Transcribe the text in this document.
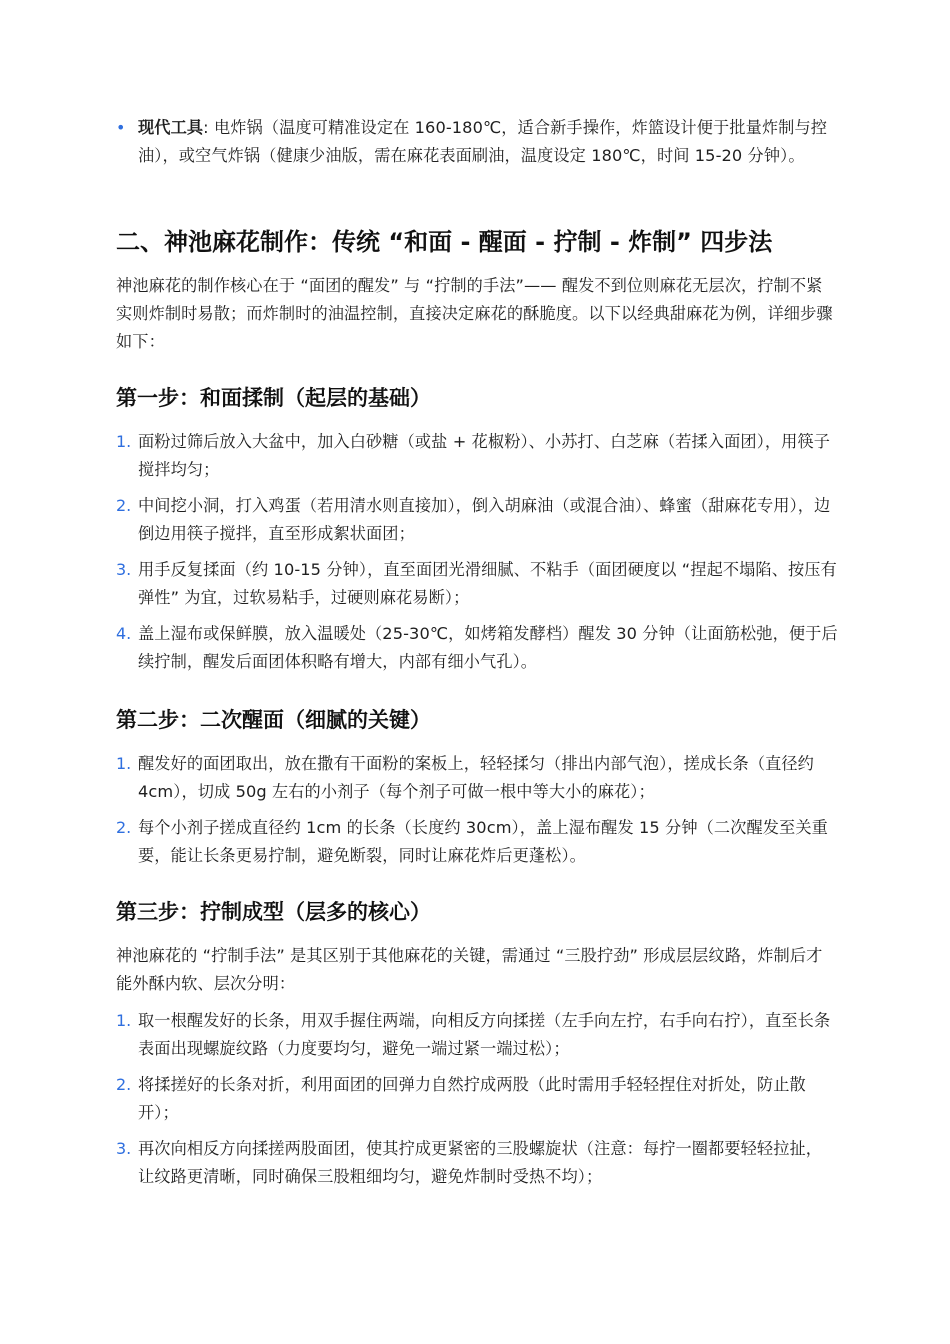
• 现代工具: 电炸锅（温度可精准设定在 160-180℃，适合新手操作，炸篮设计便于批量炸制与控油），或空气炸锅（健康少油版，需在麻花表面刷油，温度设定 180℃，时间 15-20 分钟）。

二、神池麻花制作：传统 “和面 - 醒面 - 拧制 - 炸制” 四步法

神池麻花的制作核心在于 “面团的醒发” 与 “拧制的手法”—— 醒发不到位则麻花无层次，拧制不紧实则炸制时易散；而炸制时的油温控制，直接决定麻花的酥脆度。以下以经典甜麻花为例，详细步骤如下：

第一步：和面揉制（起层的基础）
1. 面粉过筛后放入大盆中，加入白砂糖（或盐 + 花椒粉）、小苏打、白芝麻（若揉入面团），用筷子搅拌均匀；

2. 中间挖小洞，打入鸡蛋（若用清水则直接加），倒入胡麻油（或混合油）、蜂蜜（甜麻花专用），边倒边用筷子搅拌，直至形成絮状面团；

3. 用手反复揉面（约 10-15 分钟），直至面团光滑细腻、不粘手（面团硬度以 “捏起不塌陷、按压有弹性” 为宜，过软易粘手，过硬则麻花易断）；

4. 盖上湿布或保鲜膜，放入温暖处（25-30℃，如烤箱发酵档）醒发 30 分钟（让面筋松弛，便于后续拧制，醒发后面团体积略有增大，内部有细小气孔）。

第二步：二次醒面（细腻的关键）
1. 醒发好的面团取出，放在撒有干面粉的案板上，轻轻揉匀（排出内部气泡），搓成长条（直径约 4cm），切成 50g 左右的小剂子（每个剂子可做一根中等大小的麻花）；

2. 每个小剂子搓成直径约 1cm 的长条（长度约 30cm），盖上湿布醒发 15 分钟（二次醒发至关重要，能让长条更易拧制，避免断裂，同时让麻花炸后更蓬松）。

第三步：拧制成型（层多的核心）

神池麻花的 “拧制手法” 是其区别于其他麻花的关键，需通过 “三股拧劲” 形成层层纹路，炸制后才能外酥内软、层次分明：

1. 取一根醒发好的长条，用双手握住两端，向相反方向揉搓（左手向左拧，右手向右拧），直至长条表面出现螺旋纹路（力度要均匀，避免一端过紧一端过松）；

2. 将揉搓好的长条对折，利用面团的回弹力自然拧成两股（此时需用手轻轻捏住对折处，防止散开）；

3. 再次向相反方向揉搓两股面团，使其拧成更紧密的三股螺旋状（注意：每拧一圈都要轻轻拉扯，让纹路更清晰，同时确保三股粗细均匀，避免炸制时受热不均）；
